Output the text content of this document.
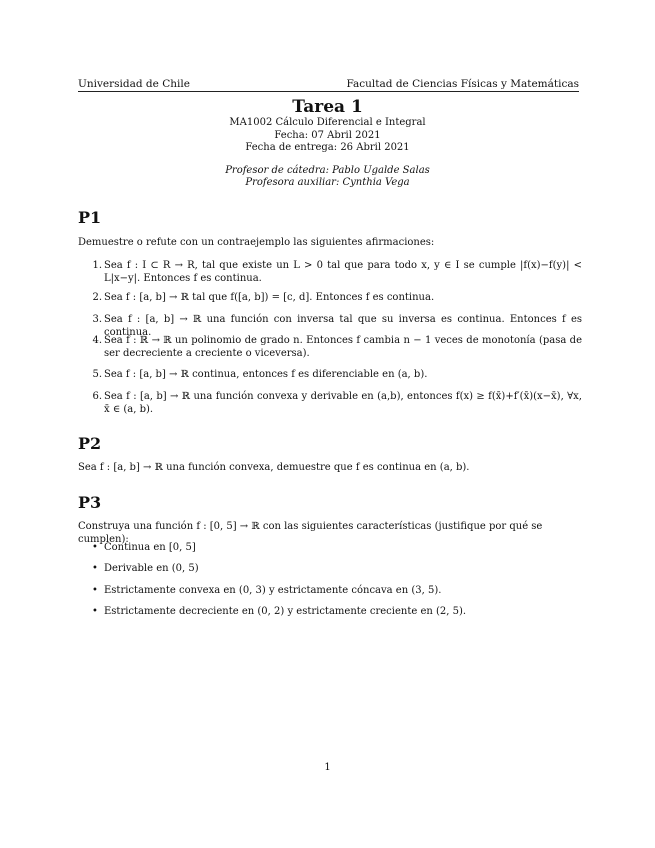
Universidad de Chile	Facultad de Ciencias Físicas y Matemáticas
Tarea 1
MA1002 Cálculo Diferencial e Integral
Fecha: 07 Abril 2021
Fecha de entrega: 26 Abril 2021
Profesor de cátedra: Pablo Ugalde Salas
Profesora auxiliar: Cynthia Vega
P1
Demuestre o refute con un contraejemplo las siguientes afirmaciones:
1. Sea f : I ⊂ R → R, tal que existe un L > 0 tal que para todo x, y ∈ I se cumple |f(x)−f(y)| < L|x−y|. Entonces f es continua.
2. Sea f : [a, b] → ℝ tal que f([a, b]) = [c, d]. Entonces f es continua.
3. Sea f : [a, b] → ℝ una función con inversa tal que su inversa es continua. Entonces f es continua.
4. Sea f : ℝ → ℝ un polinomio de grado n. Entonces f cambia n − 1 veces de monotonía (pasa de ser decreciente a creciente o viceversa).
5. Sea f : [a, b] → ℝ continua, entonces f es diferenciable en (a, b).
6. Sea f : [a, b] → ℝ una función convexa y derivable en (a,b), entonces f(x) ≥ f(x̄)+f′(x̄)(x−x̄), ∀x, x̄ ∈ (a, b).
P2
Sea f : [a, b] → ℝ una función convexa, demuestre que f es continua en (a, b).
P3
Construya una función f : [0, 5] → ℝ con las siguientes características (justifique por qué se cumplen):
• Continua en [0, 5]
• Derivable en (0, 5)
• Estrictamente convexa en (0, 3) y estrictamente cóncava en (3, 5).
• Estrictamente decreciente en (0, 2) y estrictamente creciente en (2, 5).
1
